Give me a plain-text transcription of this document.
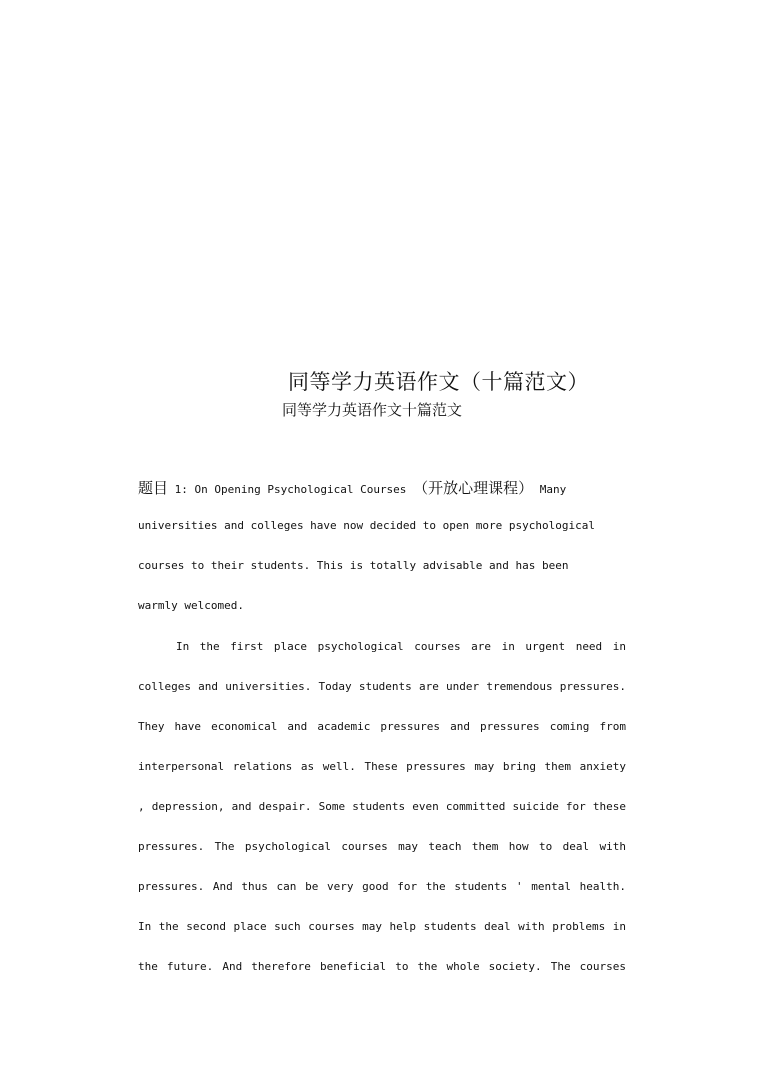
同等学力英语作文（十篇范文）
同等学力英语作文十篇范文
题目 1: On Opening Psychological Courses （开放心理课程） Many
universities and colleges have now decided to open more psychological
courses to their students. This is totally advisable and has been
warmly welcomed.
In the first place psychological courses are in urgent need in
colleges and universities. Today students are under tremendous pressures.
They have economical and academic pressures and pressures coming from
interpersonal relations as well. These pressures may bring them anxiety
, depression, and despair. Some students even committed suicide for these
pressures. The psychological courses may teach them how to deal with
pressures. And thus can be very good for the students ' mental health.
In the second place such courses may help students deal with problems in
the future. And therefore beneficial to the whole society. The courses
